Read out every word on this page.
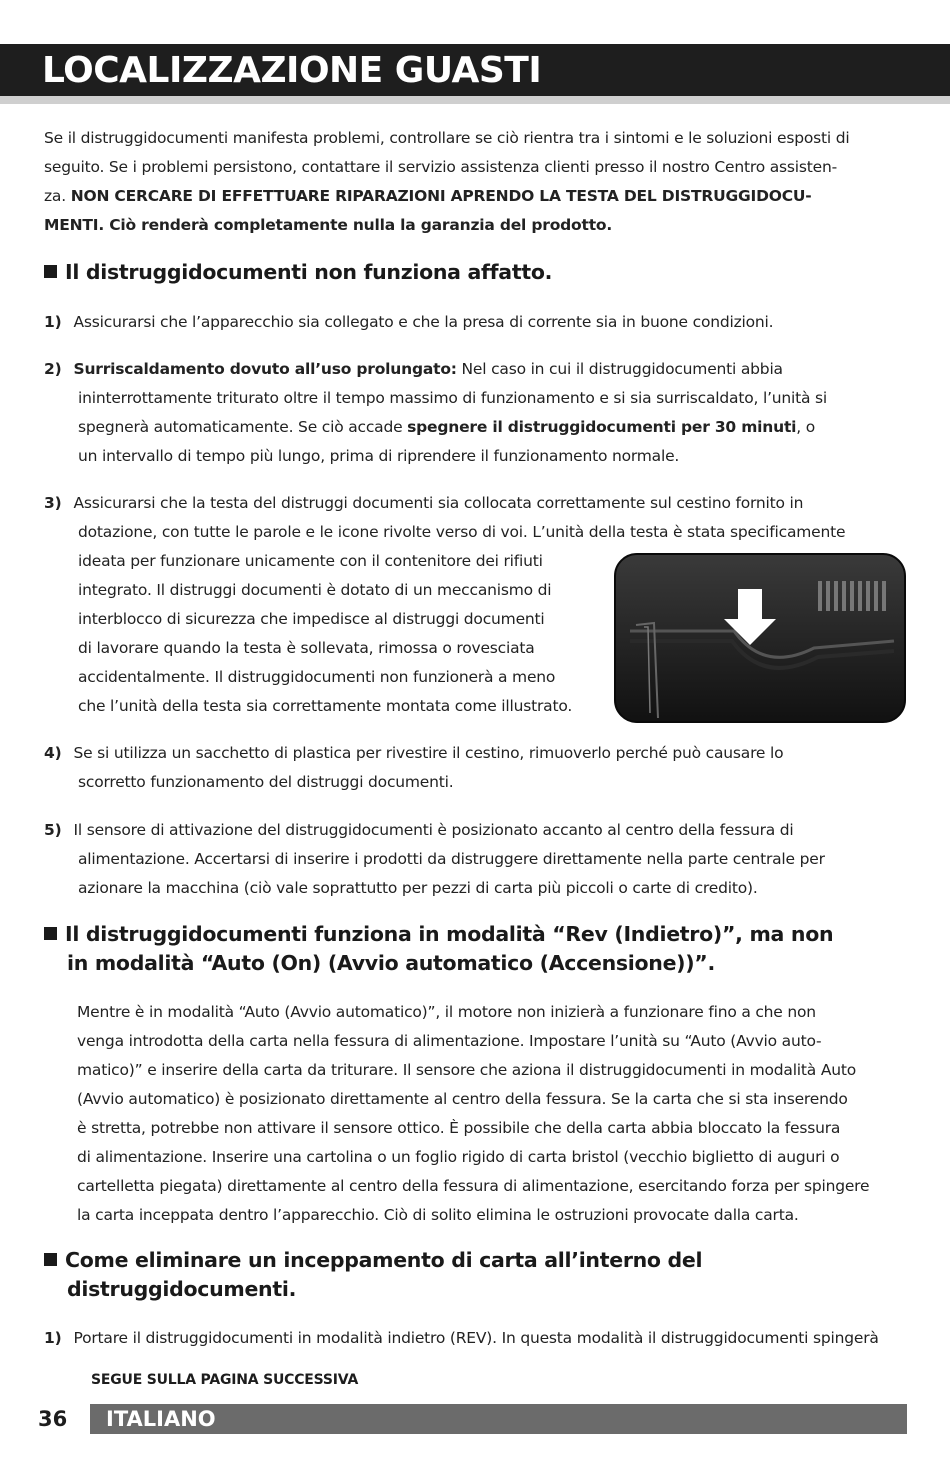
LOCALIZZAZIONE GUASTI
Se il distruggidocumenti manifesta problemi, controllare se ciò rientra tra i sintomi e le soluzioni esposti di
seguito. Se i problemi persistono, contattare il servizio assistenza clienti presso il nostro Centro assisten-
za. NON CERCARE DI EFFETTUARE RIPARAZIONI APRENDO LA TESTA DEL DISTRUGGIDOCU-
MENTI. Ciò renderà completamente nulla la garanzia del prodotto.
Il distruggidocumenti non funziona affatto.
1) Assicurarsi che l’apparecchio sia collegato e che la presa di corrente sia in buone condizioni.
2) Surriscaldamento dovuto all’uso prolungato: Nel caso in cui il distruggidocumenti abbia
ininterrottamente triturato oltre il tempo massimo di funzionamento e si sia surriscaldato, l’unità si
spegnerà automaticamente. Se ciò accade spegnere il distruggidocumenti per 30 minuti, o
un intervallo di tempo più lungo, prima di riprendere il funzionamento normale.
3) Assicurarsi che la testa del distruggi documenti sia collocata correttamente sul cestino fornito in
dotazione, con tutte le parole e le icone rivolte verso di voi. L’unità della testa è stata specificamente
ideata per funzionare unicamente con il contenitore dei rifiuti
integrato. Il distruggi documenti è dotato di un meccanismo di
interblocco di sicurezza che impedisce al distruggi documenti
di lavorare quando la testa è sollevata, rimossa o rovesciata
accidentalmente. Il distruggidocumenti non funzionerà a meno
che l’unità della testa sia correttamente montata come illustrato.
4) Se si utilizza un sacchetto di plastica per rivestire il cestino, rimuoverlo perché può causare lo
scorretto funzionamento del distruggi documenti.
5) Il sensore di attivazione del distruggidocumenti è posizionato accanto al centro della fessura di
alimentazione. Accertarsi di inserire i prodotti da distruggere direttamente nella parte centrale per
azionare la macchina (ciò vale soprattutto per pezzi di carta più piccoli o carte di credito).
Il distruggidocumenti funziona in modalità “Rev (Indietro)”, ma non
in modalità “Auto (On) (Avvio automatico (Accensione))”.
Mentre è in modalità “Auto (Avvio automatico)”, il motore non inizierà a funzionare fino a che non
venga introdotta della carta nella fessura di alimentazione. Impostare l’unità su “Auto (Avvio auto-
matico)” e inserire della carta da triturare. Il sensore che aziona il distruggidocumenti in modalità Auto
(Avvio automatico) è posizionato direttamente al centro della fessura. Se la carta che si sta inserendo
è stretta, potrebbe non attivare il sensore ottico. È possibile che della carta abbia bloccato la fessura
di alimentazione. Inserire una cartolina o un foglio rigido di carta bristol (vecchio biglietto di auguri o
cartelletta piegata) direttamente al centro della fessura di alimentazione, esercitando forza per spingere
la carta inceppata dentro l’apparecchio. Ciò di solito elimina le ostruzioni provocate dalla carta.
Come eliminare un inceppamento di carta all’interno del
distruggidocumenti.
1) Portare il distruggidocumenti in modalità indietro (REV). In questa modalità il distruggidocumenti spingerà
SEGUE SULLA PAGINA SUCCESSIVA
36 ITALIANO
